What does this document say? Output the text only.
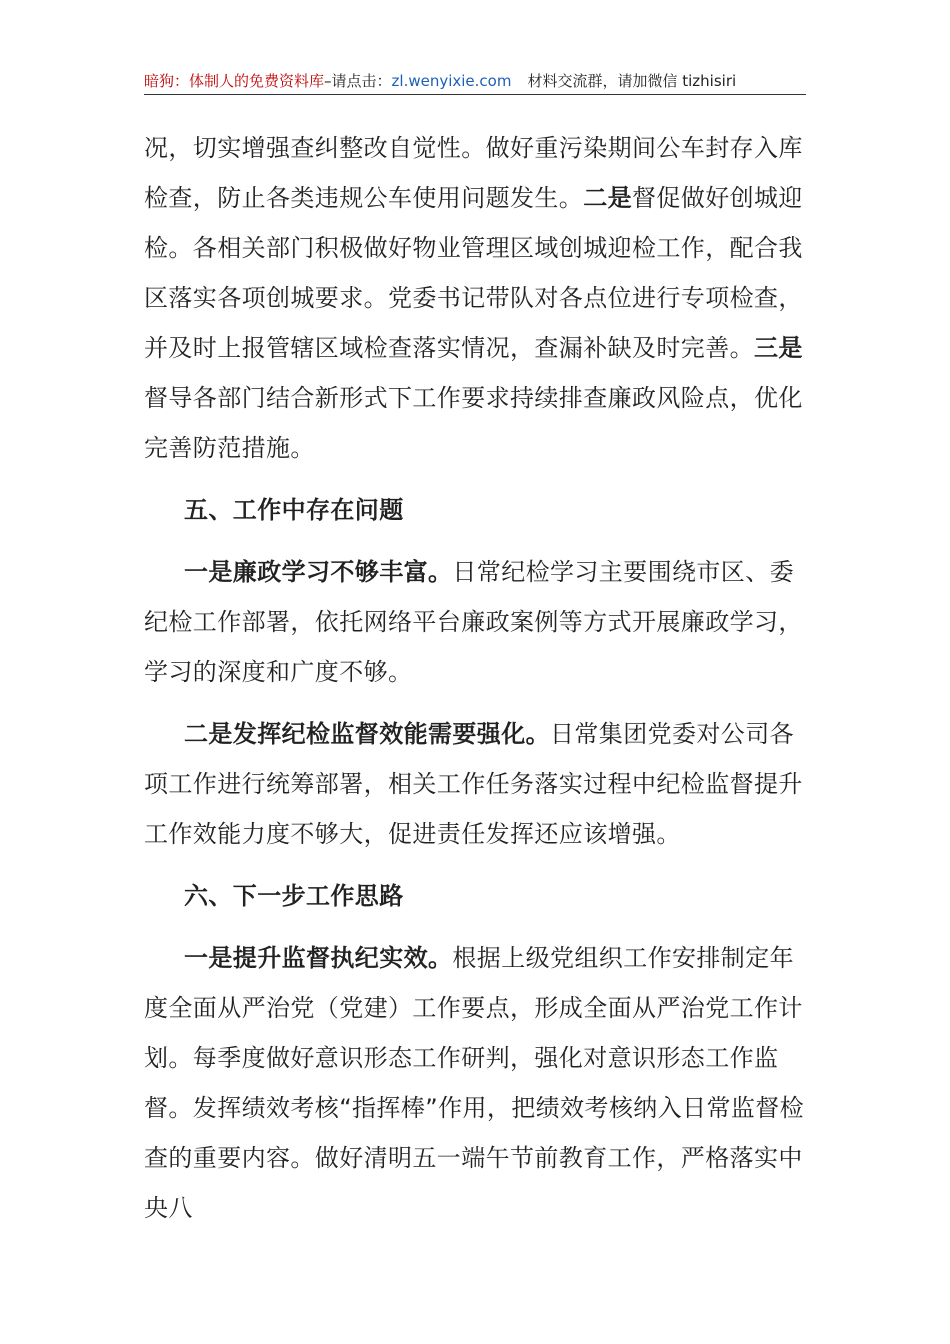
暗狗：体制人的免费资料库–请点击：zl.wenyixie.com 材料交流群，请加微信 tizhisiri

况，切实增强查纠整改自觉性。做好重污染期间公车封存入库检查，防止各类违规公车使用问题发生。二是督促做好创城迎检。各相关部门积极做好物业管理区域创城迎检工作，配合我区落实各项创城要求。党委书记带队对各点位进行专项检查，并及时上报管辖区域检查落实情况，查漏补缺及时完善。三是督导各部门结合新形式下工作要求持续排查廉政风险点，优化完善防范措施。

五、工作中存在问题

一是廉政学习不够丰富。日常纪检学习主要围绕市区、委纪检工作部署，依托网络平台廉政案例等方式开展廉政学习，学习的深度和广度不够。

二是发挥纪检监督效能需要强化。日常集团党委对公司各项工作进行统筹部署，相关工作任务落实过程中纪检监督提升工作效能力度不够大，促进责任发挥还应该增强。

六、下一步工作思路

一是提升监督执纪实效。根据上级党组织工作安排制定年度全面从严治党（党建）工作要点，形成全面从严治党工作计划。每季度做好意识形态工作研判，强化对意识形态工作监督。发挥绩效考核“指挥棒”作用，把绩效考核纳入日常监督检查的重要内容。做好清明五一端午节前教育工作，严格落实中央八
